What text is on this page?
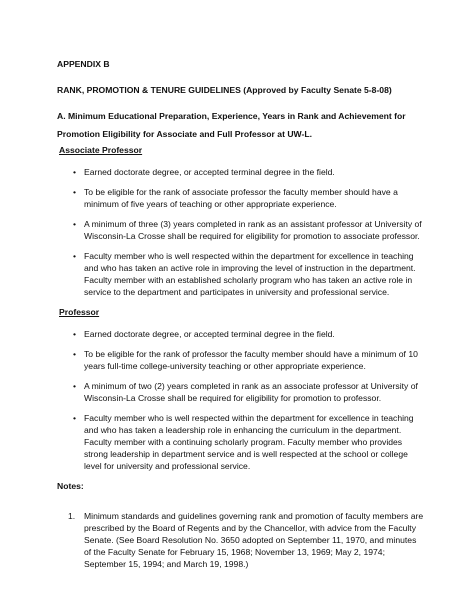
APPENDIX B

RANK, PROMOTION & TENURE GUIDELINES (Approved by Faculty Senate 5-8-08)

A. Minimum Educational Preparation, Experience, Years in Rank and Achievement for

Promotion Eligibility for Associate and Full Professor at UW-L.

Associate Professor

• Earned doctorate degree, or accepted terminal degree in the field.
• To be eligible for the rank of associate professor the faculty member should have a minimum of five years of teaching or other appropriate experience.
• A minimum of three (3) years completed in rank as an assistant professor at University of Wisconsin-La Crosse shall be required for eligibility for promotion to associate professor.
• Faculty member who is well respected within the department for excellence in teaching and who has taken an active role in improving the level of instruction in the department. Faculty member with an established scholarly program who has taken an active role in service to the department and participates in university and professional service.

Professor

• Earned doctorate degree, or accepted terminal degree in the field.
• To be eligible for the rank of professor the faculty member should have a minimum of 10 years full-time college-university teaching or other appropriate experience.
• A minimum of two (2) years completed in rank as an associate professor at University of Wisconsin-La Crosse shall be required for eligibility for promotion to professor.
• Faculty member who is well respected within the department for excellence in teaching and who has taken a leadership role in enhancing the curriculum in the department. Faculty member with a continuing scholarly program. Faculty member who provides strong leadership in department service and is well respected at the school or college level for university and professional service.

Notes:

1. Minimum standards and guidelines governing rank and promotion of faculty members are prescribed by the Board of Regents and by the Chancellor, with advice from the Faculty Senate. (See Board Resolution No. 3650 adopted on September 11, 1970, and minutes of the Faculty Senate for February 15, 1968; November 13, 1969; May 2, 1974; September 15, 1994; and March 19, 1998.)
